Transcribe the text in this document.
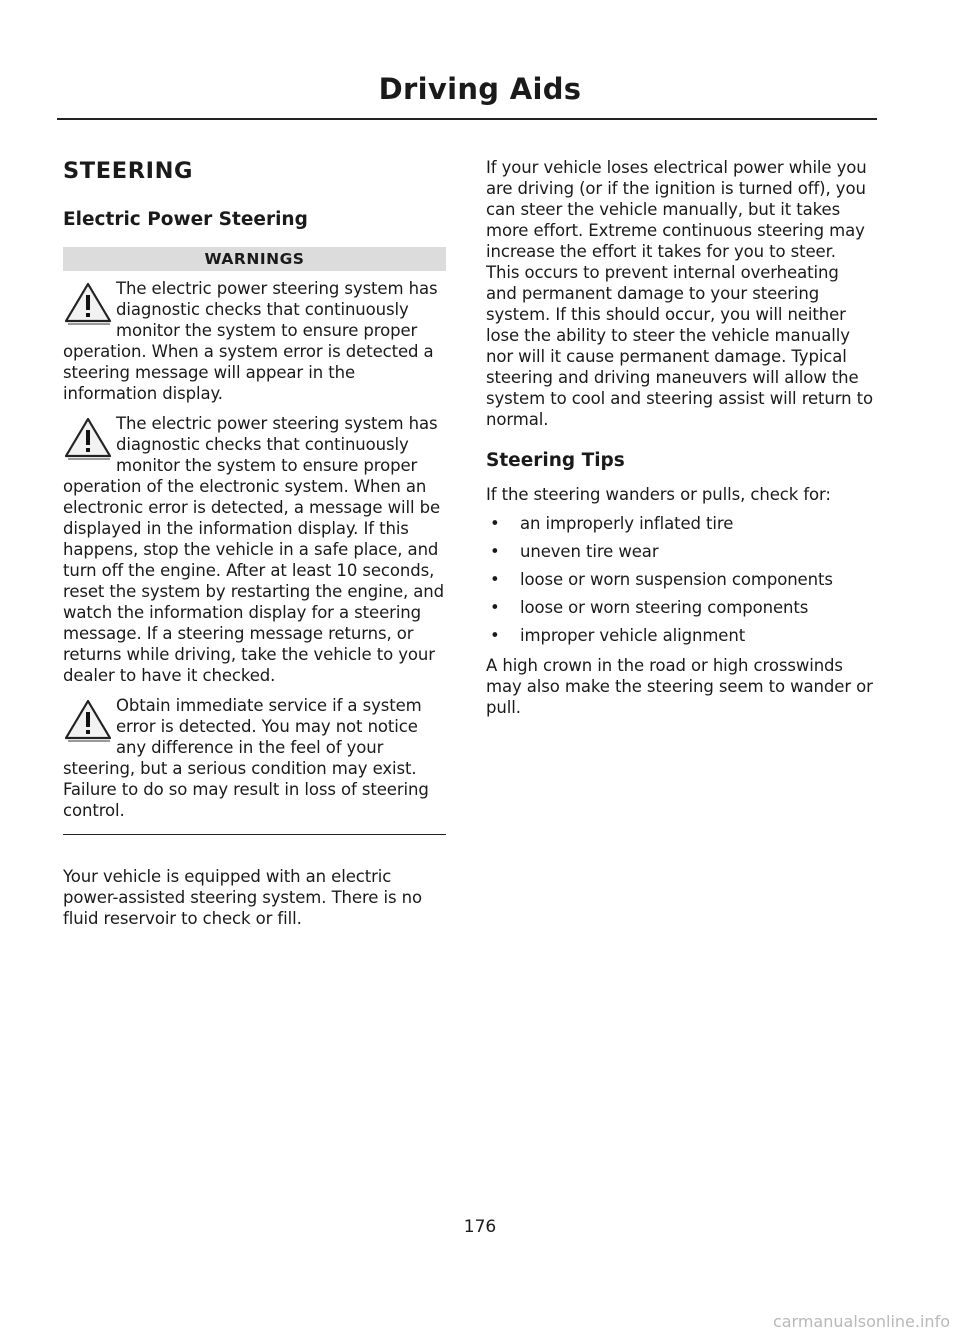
Driving Aids
STEERING
Electric Power Steering
WARNINGS
The electric power steering system has diagnostic checks that continuously monitor the system to ensure proper operation. When a system error is detected a steering message will appear in the information display.
The electric power steering system has diagnostic checks that continuously monitor the system to ensure proper operation of the electronic system. When an electronic error is detected, a message will be displayed in the information display. If this happens, stop the vehicle in a safe place, and turn off the engine. After at least 10 seconds, reset the system by restarting the engine, and watch the information display for a steering message. If a steering message returns, or returns while driving, take the vehicle to your dealer to have it checked.
Obtain immediate service if a system error is detected. You may not notice any difference in the feel of your steering, but a serious condition may exist. Failure to do so may result in loss of steering control.

Your vehicle is equipped with an electric power-assisted steering system. There is no fluid reservoir to check or fill.

If your vehicle loses electrical power while you are driving (or if the ignition is turned off), you can steer the vehicle manually, but it takes more effort. Extreme continuous steering may increase the effort it takes for you to steer. This occurs to prevent internal overheating and permanent damage to your steering system. If this should occur, you will neither lose the ability to steer the vehicle manually nor will it cause permanent damage. Typical steering and driving maneuvers will allow the system to cool and steering assist will return to normal.

Steering Tips

If the steering wanders or pulls, check for:

• an improperly inflated tire
• uneven tire wear
• loose or worn suspension components
• loose or worn steering components
• improper vehicle alignment

A high crown in the road or high crosswinds may also make the steering seem to wander or pull.

176
carmanualsonline.info
